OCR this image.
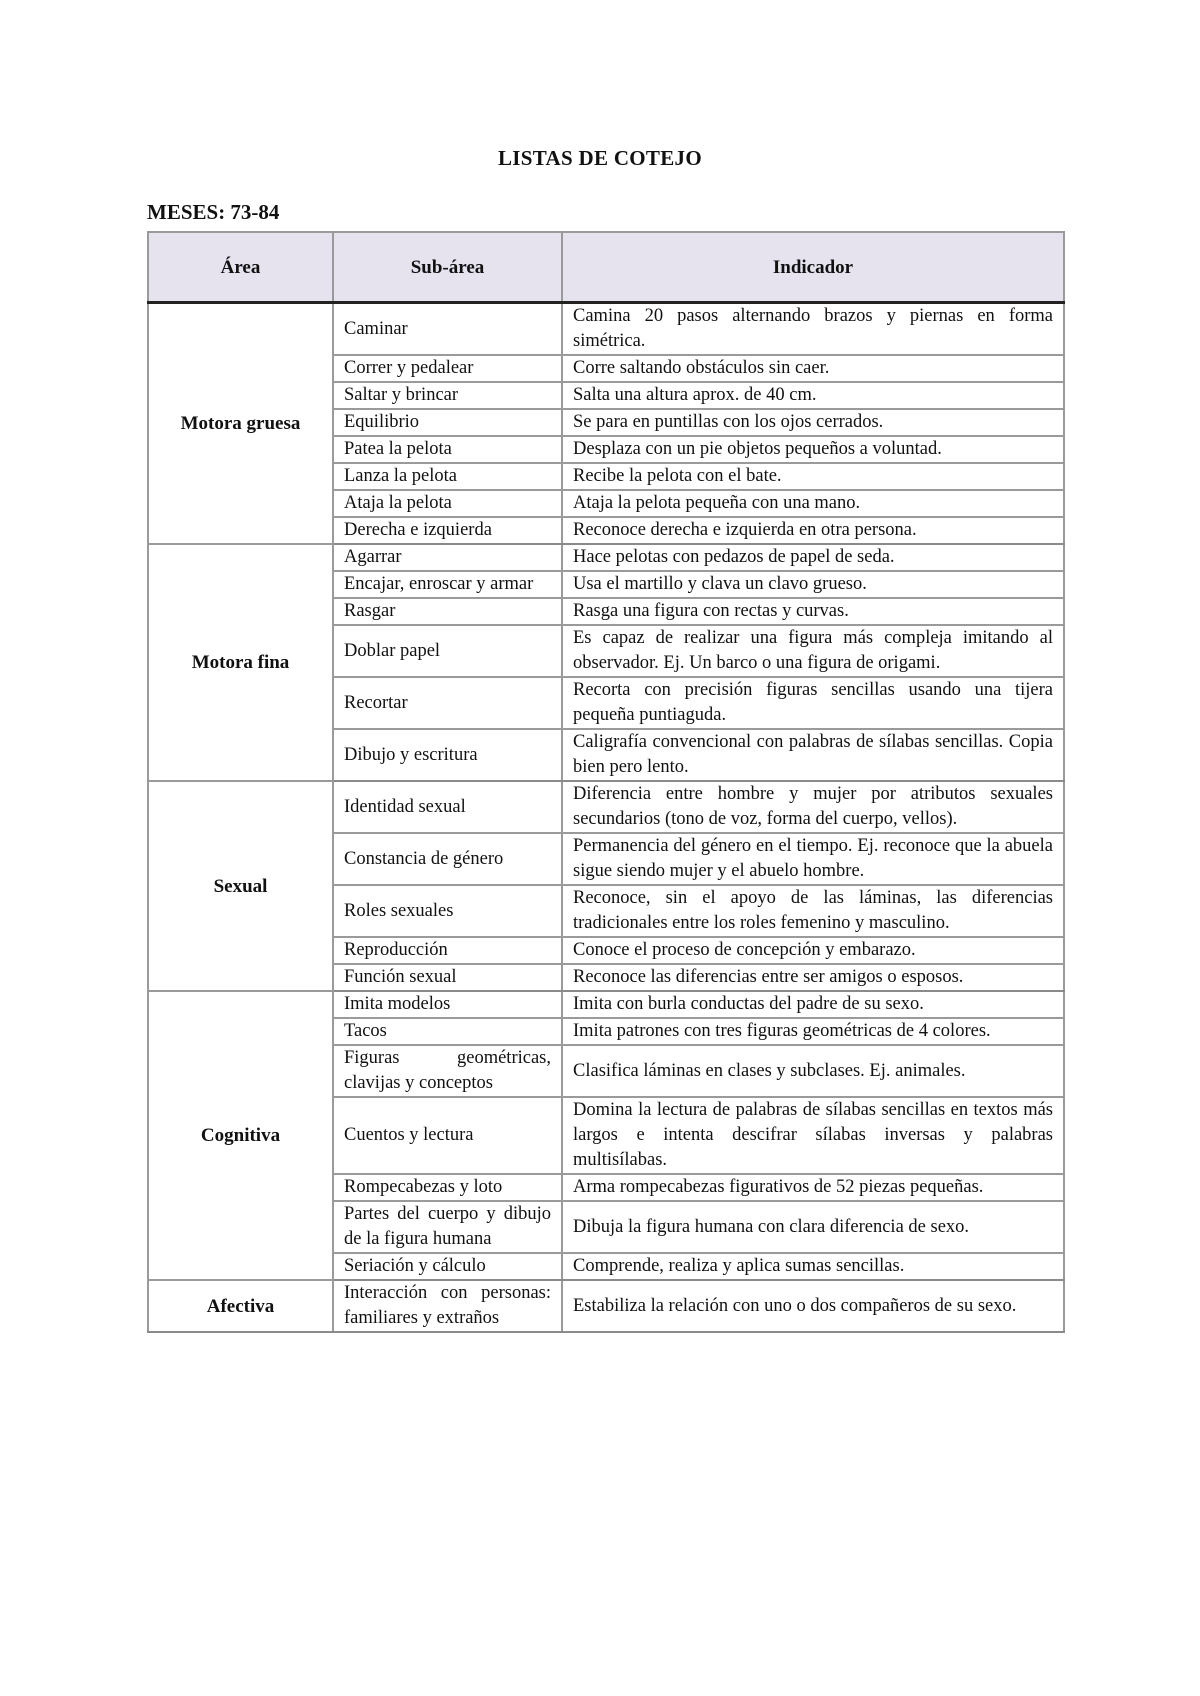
LISTAS DE COTEJO
MESES: 73-84
Área	Sub-área	Indicador
Motora gruesa	Caminar	Camina 20 pasos alternando brazos y piernas en forma simétrica.
	Correr y pedalear	Corre saltando obstáculos sin caer.
	Saltar y brincar	Salta una altura aprox. de 40 cm.
	Equilibrio	Se para en puntillas con los ojos cerrados.
	Patea la pelota	Desplaza con un pie objetos pequeños a voluntad.
	Lanza la pelota	Recibe la pelota con el bate.
	Ataja la pelota	Ataja la pelota pequeña con una mano.
	Derecha e izquierda	Reconoce derecha e izquierda en otra persona.
Motora fina	Agarrar	Hace pelotas con pedazos de papel de seda.
	Encajar, enroscar y armar	Usa el martillo y clava un clavo grueso.
	Rasgar	Rasga una figura con rectas y curvas.
	Doblar papel	Es capaz de realizar una figura más compleja imitando al observador. Ej. Un barco o una figura de origami.
	Recortar	Recorta con precisión figuras sencillas usando una tijera pequeña puntiaguda.
	Dibujo y escritura	Caligrafía convencional con palabras de sílabas sencillas. Copia bien pero lento.
Sexual	Identidad sexual	Diferencia entre hombre y mujer por atributos sexuales secundarios (tono de voz, forma del cuerpo, vellos).
	Constancia de género	Permanencia del género en el tiempo. Ej. reconoce que la abuela sigue siendo mujer y el abuelo hombre.
	Roles sexuales	Reconoce, sin el apoyo de las láminas, las diferencias tradicionales entre los roles femenino y masculino.
	Reproducción	Conoce el proceso de concepción y embarazo.
	Función sexual	Reconoce las diferencias entre ser amigos o esposos.
Cognitiva	Imita modelos	Imita con burla conductas del padre de su sexo.
	Tacos	Imita patrones con tres figuras geométricas de 4 colores.
	Figuras geométricas, clavijas y conceptos	Clasifica láminas en clases y subclases. Ej. animales.
	Cuentos y lectura	Domina la lectura de palabras de sílabas sencillas en textos más largos e intenta descifrar sílabas inversas y palabras multisílabas.
	Rompecabezas y loto	Arma rompecabezas figurativos de 52 piezas pequeñas.
	Partes del cuerpo y dibujo de la figura humana	Dibuja la figura humana con clara diferencia de sexo.
	Seriación y cálculo	Comprende, realiza y aplica sumas sencillas.
Afectiva	Interacción con personas: familiares y extraños	Estabiliza la relación con uno o dos compañeros de su sexo.
